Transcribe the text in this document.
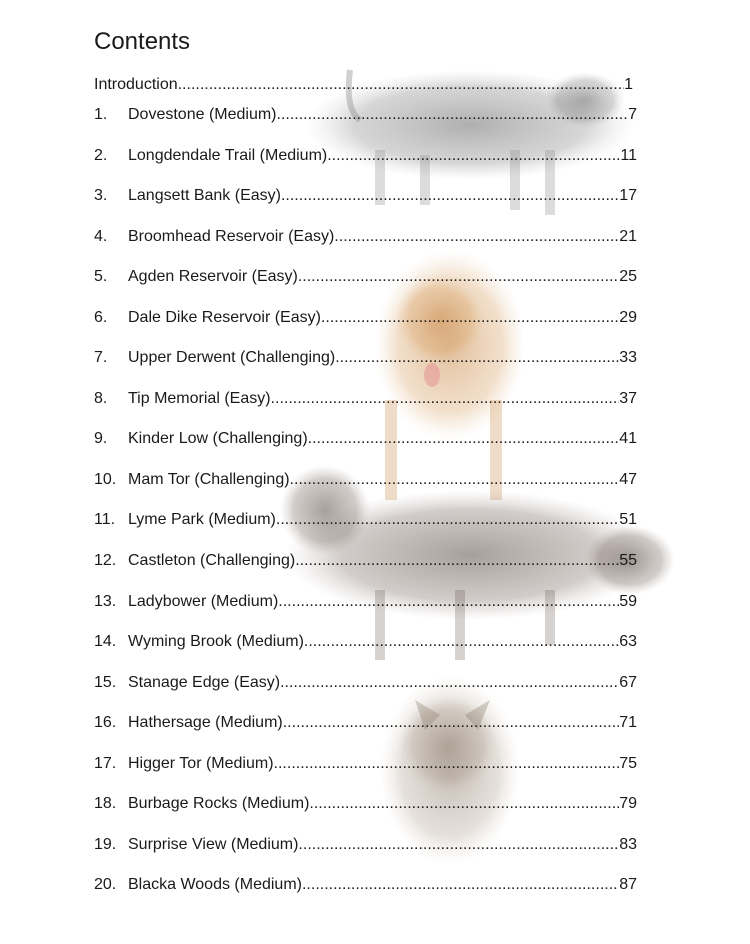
Contents
Introduction .....	1
1.	Dovestone (Medium) .....	7
2.	Longdendale Trail (Medium) .....	11
3.	Langsett Bank (Easy) .....	17
4.	Broomhead Reservoir (Easy) .....	21
5.	Agden Reservoir (Easy) .....	25
6.	Dale Dike Reservoir (Easy) .....	29
7.	Upper Derwent (Challenging) .....	33
8.	Tip Memorial (Easy) .....	37
9.	Kinder Low (Challenging) .....	41
10. Mam Tor (Challenging) .....	47
11. Lyme Park (Medium) .....	51
12. Castleton (Challenging) .....	55
13. Ladybower (Medium) .....	59
14. Wyming Brook (Medium) .....	63
15. Stanage Edge (Easy) .....	67
16. Hathersage (Medium) .....	71
17. Higger Tor (Medium) .....	75
18. Burbage Rocks (Medium) .....	79
19. Surprise View (Medium) .....	83
20. Blacka Woods (Medium) .....	87
